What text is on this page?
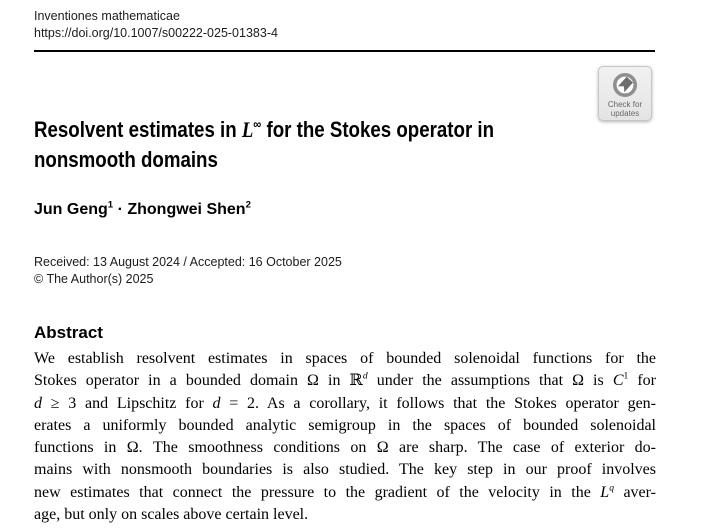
Inventiones mathematicae
https://doi.org/10.1007/s00222-025-01383-4
Check for
updates
Resolvent estimates in L∞ for the Stokes operator in
nonsmooth domains
Jun Geng$^1$ · Zhongwei Shen$^2$
Received: 13 August 2024 / Accepted: 16 October 2025
© The Author(s) 2025
Abstract
We establish resolvent estimates in spaces of bounded solenoidal functions for the
Stokes operator in a bounded domain Ω in ℝ$^d$ under the assumptions that Ω is $C^1$ for
d ≥ 3 and Lipschitz for d = 2. As a corollary, it follows that the Stokes operator gen-
erates a uniformly bounded analytic semigroup in the spaces of bounded solenoidal
functions in Ω. The smoothness conditions on Ω are sharp. The case of exterior do-
mains with nonsmooth boundaries is also studied. The key step in our proof involves
new estimates that connect the pressure to the gradient of the velocity in the $L^q$ aver-
age, but only on scales above certain level.
